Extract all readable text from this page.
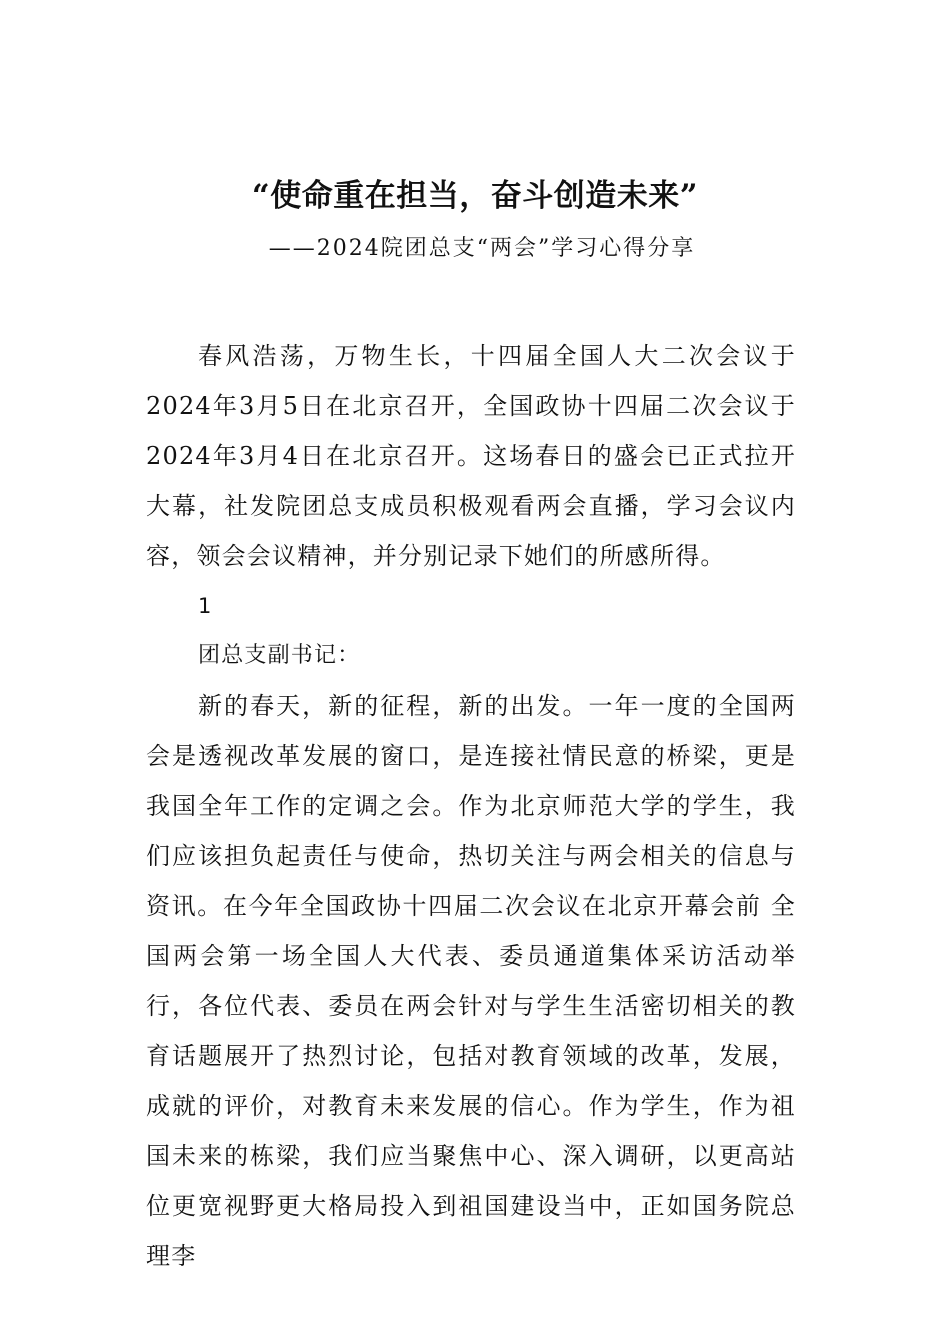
“使命重在担当，奋斗创造未来”
——2024院团总支“两会”学习心得分享

春风浩荡，万物生长，十四届全国人大二次会议于2024年3月5日在北京召开，全国政协十四届二次会议于2024年3月4日在北京召开。这场春日的盛会已正式拉开大幕，社发院团总支成员积极观看两会直播，学习会议内容，领会会议精神，并分别记录下她们的所感所得。

1

团总支副书记：

新的春天，新的征程，新的出发。一年一度的全国两会是透视改革发展的窗口，是连接社情民意的桥梁，更是我国全年工作的定调之会。作为北京师范大学的学生，我们应该担负起责任与使命，热切关注与两会相关的信息与资讯。在今年全国政协十四届二次会议在北京开幕会前 全国两会第一场全国人大代表、委员通道集体采访活动举行，各位代表、委员在两会针对与学生生活密切相关的教育话题展开了热烈讨论，包括对教育领域的改革，发展，成就的评价，对教育未来发展的信心。作为学生，作为祖国未来的栋梁，我们应当聚焦中心、深入调研，以更高站位更宽视野更大格局投入到祖国建设当中，正如国务院总理李
